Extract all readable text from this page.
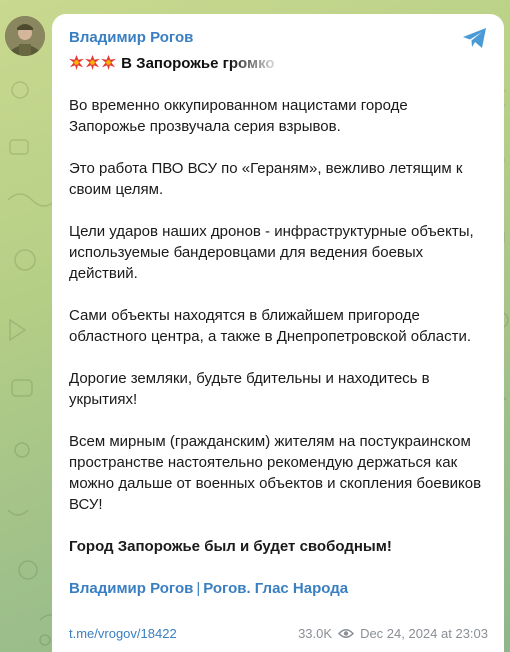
Владимир Рогов

В Запорожье громко

Во временно оккупированном нацистами городе Запорожье прозвучала серия взрывов.

Это работа ПВО ВСУ по «Гераням», вежливо летящим к своим целям.

Цели ударов наших дронов - инфраструктурные объекты, используемые бандеровцами для ведения боевых действий.

Сами объекты находятся в ближайшем пригороде областного центра, а также в Днепропетровской области.

Дорогие земляки, будьте бдительны и находитесь в укрытиях!

Всем мирным (гражданским) жителям на постукраинском пространстве настоятельно рекомендую держаться как можно дальше от военных объектов и скопления боевиков ВСУ!

Город Запорожье был и будет свободным!

Владимир Рогов | Рогов. Глас Народа
t.me/vrogov/18422	33.0K Dec 24, 2024 at 23:03
